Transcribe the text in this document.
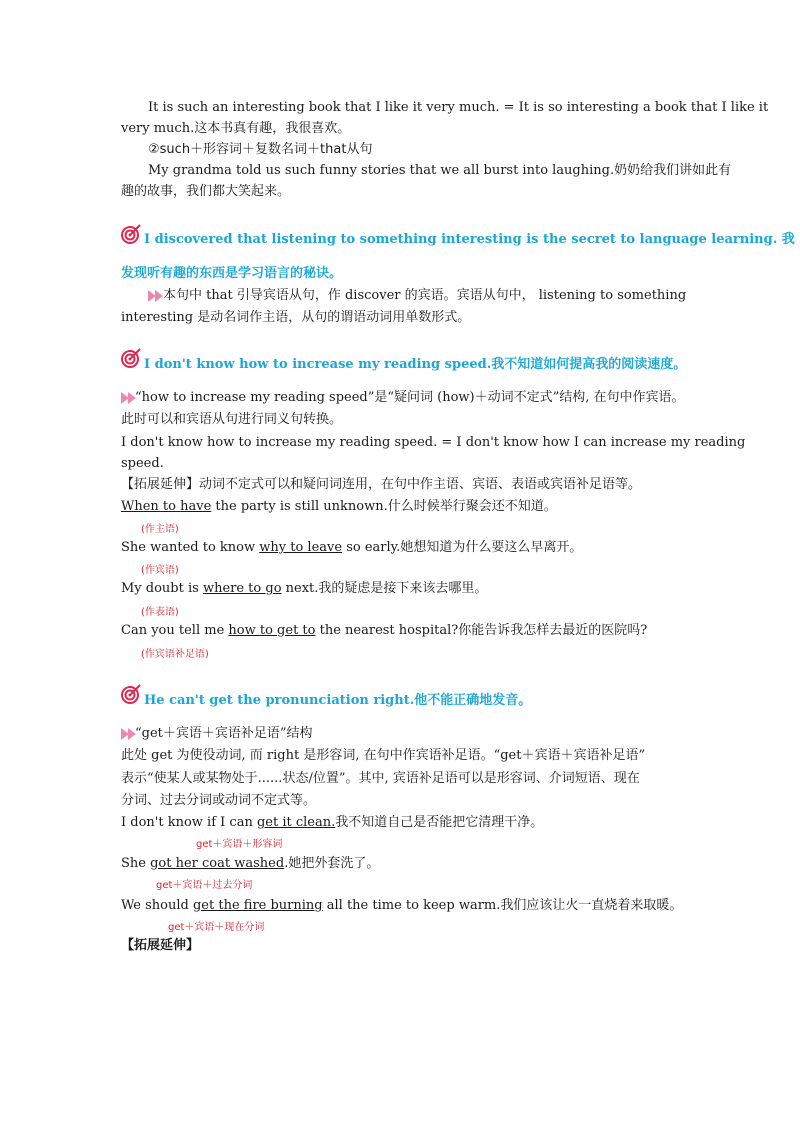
It is such an interesting book that I like it very much. = It is so interesting a book that I like it
very much.这本书真有趣，我很喜欢。
②such＋形容词＋复数名词＋that从句
My grandma told us such funny stories that we all burst into laughing.奶奶给我们讲如此有
趣的故事，我们都大笑起来。
I discovered that listening to something interesting is the secret to language learning. 我
发现听有趣的东西是学习语言的秘诀。
本句中 that 引导宾语从句，作 discover 的宾语。宾语从句中， listening to something
interesting 是动名词作主语，从句的谓语动词用单数形式。
I don't know how to increase my reading speed.我不知道如何提高我的阅读速度。
“how to increase my reading speed”是“疑问词 (how)＋动词不定式”结构, 在句中作宾语。
此时可以和宾语从句进行同义句转换。
I don't know how to increase my reading speed. = I don't know how I can increase my reading
speed.
【拓展延伸】动词不定式可以和疑问词连用，在句中作主语、宾语、表语或宾语补足语等。
When to have the party is still unknown.什么时候举行聚会还不知道。
(作主语)
She wanted to know why to leave so early.她想知道为什么要这么早离开。
(作宾语)
My doubt is where to go next.我的疑虑是接下来该去哪里。
(作表语)
Can you tell me how to get to the nearest hospital?你能告诉我怎样去最近的医院吗?
(作宾语补足语)
He can't get the pronunciation right.他不能正确地发音。
“get＋宾语＋宾语补足语”结构
此处 get 为使役动词, 而 right 是形容词, 在句中作宾语补足语。“get＋宾语＋宾语补足语”
表示“使某人或某物处于......状态/位置”。其中, 宾语补足语可以是形容词、介词短语、现在
分词、过去分词或动词不定式等。
I don't know if I can get it clean.我不知道自己是否能把它清理干净。
get＋宾语＋形容词
She got her coat washed.她把外套洗了。
get＋宾语＋过去分词
We should get the fire burning all the time to keep warm.我们应该让火一直烧着来取暖。
get＋宾语＋现在分词
【拓展延伸】
